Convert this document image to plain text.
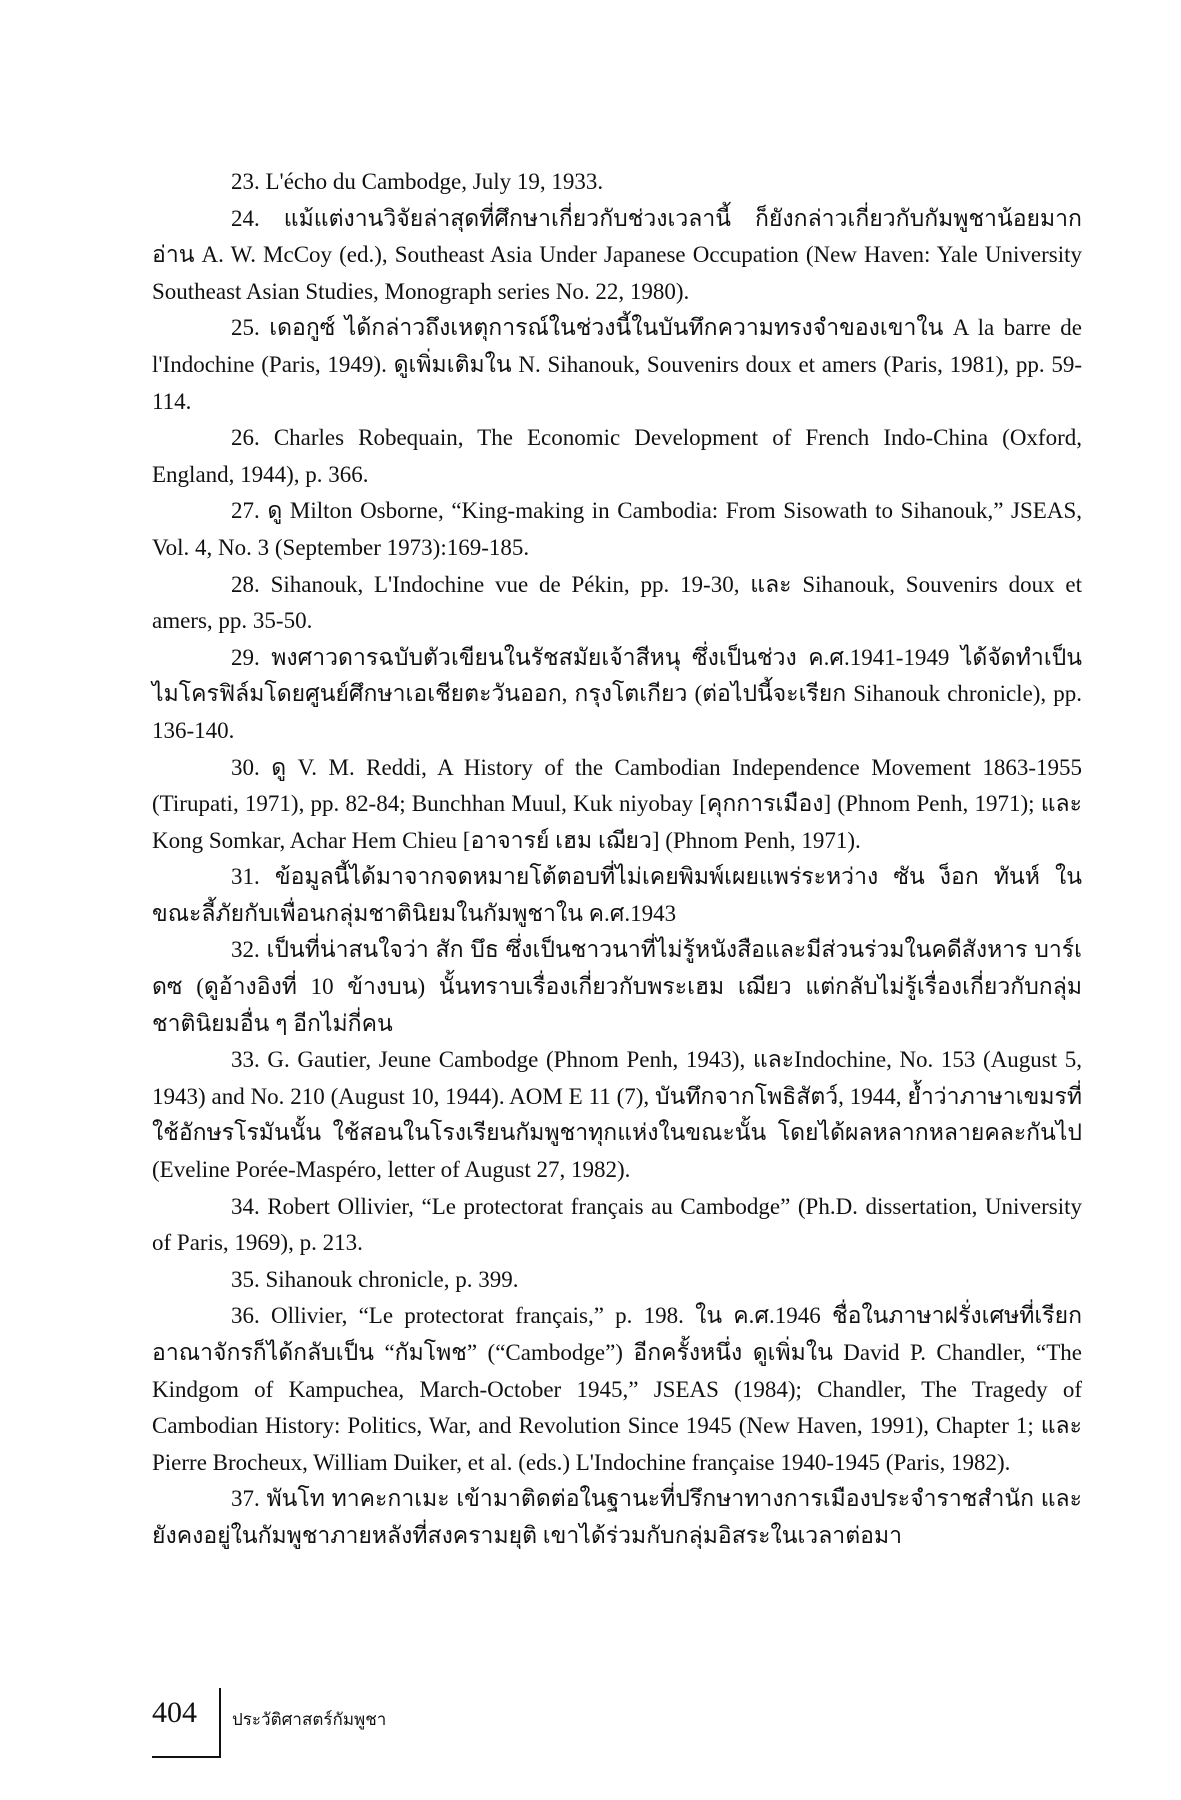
23. L'écho du Cambodge, July 19, 1933.

24. แม้แต่งานวิจัยล่าสุดที่ศึกษาเกี่ยวกับช่วงเวลานี้ ก็ยังกล่าวเกี่ยวกับกัมพูชาน้อยมาก อ่าน A. W. McCoy (ed.), Southeast Asia Under Japanese Occupation (New Haven: Yale University Southeast Asian Studies, Monograph series No. 22, 1980).

25. เดอกูซ์ ได้กล่าวถึงเหตุการณ์ในช่วงนี้ในบันทึกความทรงจำของเขาใน A la barre de l'Indochine (Paris, 1949). ดูเพิ่มเติมใน N. Sihanouk, Souvenirs doux et amers (Paris, 1981), pp. 59-114.

26. Charles Robequain, The Economic Development of French Indo-China (Oxford, England, 1944), p. 366.

27. ดู Milton Osborne, “King-making in Cambodia: From Sisowath to Sihanouk,” JSEAS, Vol. 4, No. 3 (September 1973):169-185.

28. Sihanouk, L'Indochine vue de Pékin, pp. 19-30, และ Sihanouk, Souvenirs doux et amers, pp. 35-50.

29. พงศาวดารฉบับตัวเขียนในรัชสมัยเจ้าสีหนุ ซึ่งเป็นช่วง ค.ศ.1941-1949 ได้จัดทำเป็นไมโครฟิล์มโดยศูนย์ศึกษาเอเชียตะวันออก, กรุงโตเกียว (ต่อไปนี้จะเรียก Sihanouk chronicle), pp. 136-140.

30. ดู V. M. Reddi, A History of the Cambodian Independence Movement 1863-1955 (Tirupati, 1971), pp. 82-84; Bunchhan Muul, Kuk niyobay [คุกการเมือง] (Phnom Penh, 1971); และ Kong Somkar, Achar Hem Chieu [อาจารย์ เฮม เฌียว] (Phnom Penh, 1971).

31. ข้อมูลนี้ได้มาจากจดหมายโต้ตอบที่ไม่เคยพิมพ์เผยแพร่ระหว่าง ซัน ง็อก ทันห์ ในขณะลี้ภัยกับเพื่อนกลุ่มชาตินิยมในกัมพูชาใน ค.ศ.1943

32. เป็นที่น่าสนใจว่า สัก บึธ ซึ่งเป็นชาวนาที่ไม่รู้หนังสือและมีส่วนร่วมในคดีสังหาร บาร์เดซ (ดูอ้างอิงที่ 10 ข้างบน) นั้นทราบเรื่องเกี่ยวกับพระเฮม เฌียว แต่กลับไม่รู้เรื่องเกี่ยวกับกลุ่มชาตินิยมอื่น ๆ อีกไม่กี่คน

33. G. Gautier, Jeune Cambodge (Phnom Penh, 1943), และIndochine, No. 153 (August 5, 1943) and No. 210 (August 10, 1944). AOM E 11 (7), บันทึกจากโพธิสัตว์, 1944, ย้ำว่าภาษาเขมรที่ใช้อักษรโรมันนั้น ใช้สอนในโรงเรียนกัมพูชาทุกแห่งในขณะนั้น โดยได้ผลหลากหลายคละกันไป (Eveline Porée-Maspéro, letter of August 27, 1982).

34. Robert Ollivier, “Le protectorat français au Cambodge” (Ph.D. dissertation, University of Paris, 1969), p. 213.

35. Sihanouk chronicle, p. 399.

36. Ollivier, “Le protectorat français,” p. 198. ใน ค.ศ.1946 ชื่อในภาษาฝรั่งเศษที่เรียกอาณาจักรก็ได้กลับเป็น “กัมโพช” (“Cambodge”) อีกครั้งหนึ่ง ดูเพิ่มใน David P. Chandler, “The Kindgom of Kampuchea, March-October 1945,” JSEAS (1984); Chandler, The Tragedy of Cambodian History: Politics, War, and Revolution Since 1945 (New Haven, 1991), Chapter 1; และ Pierre Brocheux, William Duiker, et al. (eds.) L'Indochine française 1940-1945 (Paris, 1982).

37. พันโท ทาคะกาเมะ เข้ามาติดต่อในฐานะที่ปรึกษาทางการเมืองประจำราชสำนัก และยังคงอยู่ในกัมพูชาภายหลังที่สงครามยุติ เขาได้ร่วมกับกลุ่มอิสระในเวลาต่อมา

404 ประวัติศาสตร์กัมพูชา
